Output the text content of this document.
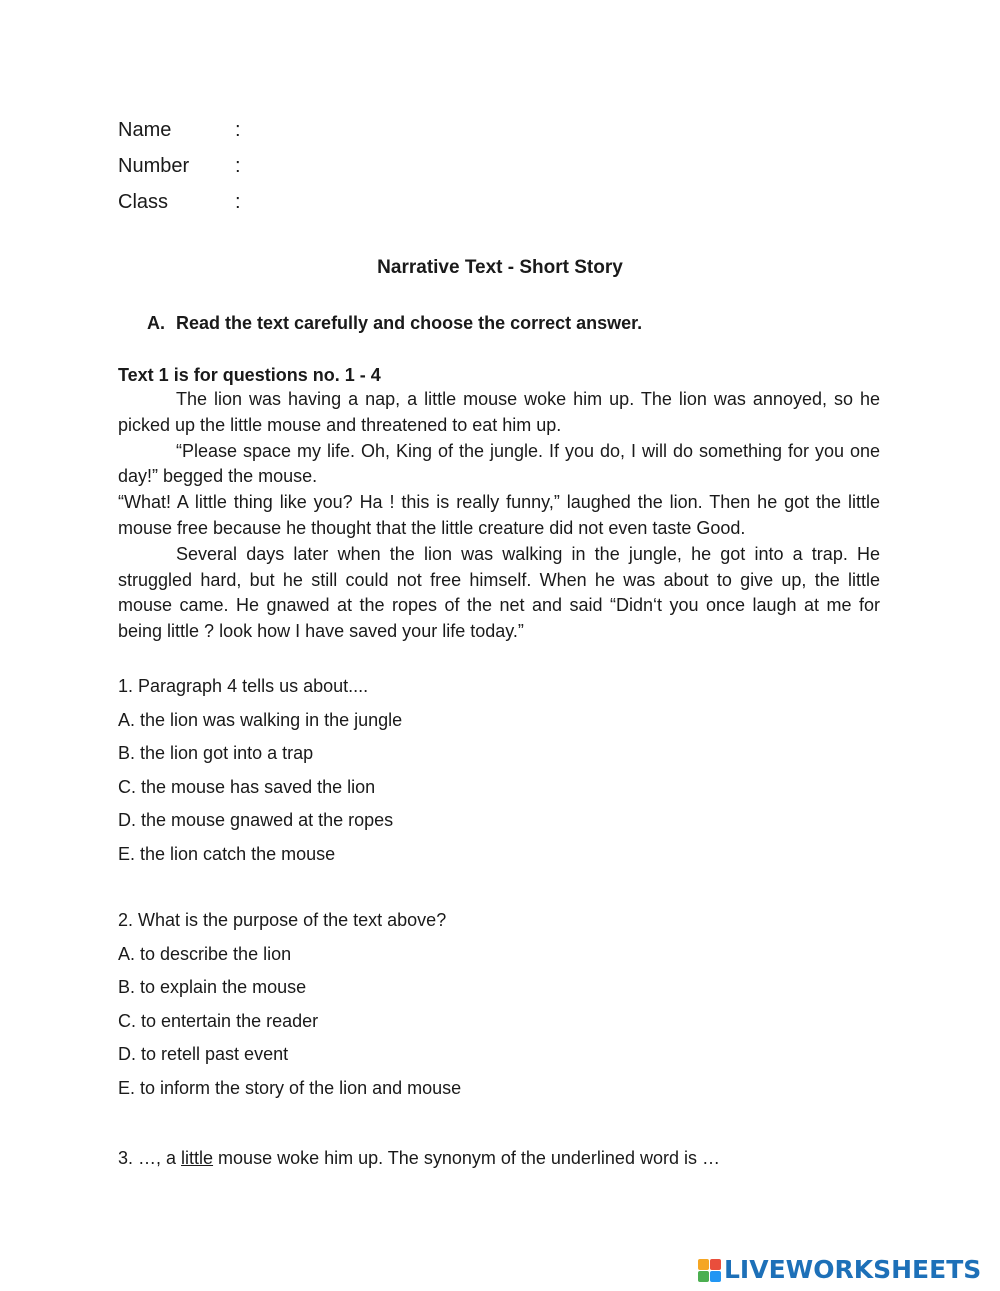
Name	:
Number :
Class	:
Narrative Text - Short Story
A. Read the text carefully and choose the correct answer.
Text 1 is for questions no. 1 - 4

The lion was having a nap, a little mouse woke him up. The lion was annoyed, so he picked up the little mouse and threatened to eat him up.

“Please space my life. Oh, King of the jungle. If you do, I will do something for you one day!” begged the mouse.

“What! A little thing like you? Ha ! this is really funny,” laughed the lion. Then he got the little mouse free because he thought that the little creature did not even taste Good.

Several days later when the lion was walking in the jungle, he got into a trap. He struggled hard, but he still could not free himself. When he was about to give up, the little mouse came. He gnawed at the ropes of the net and said “Didn‘t you once laugh at me for being little ? look how I have saved your life today.”

1. Paragraph 4 tells us about....
A. the lion was walking in the jungle
B. the lion got into a trap
C. the mouse has saved the lion
D. the mouse gnawed at the ropes
E. the lion catch the mouse
2. What is the purpose of the text above?
A. to describe the lion
B. to explain the mouse
C. to entertain the reader
D. to retell past event
E. to inform the story of the lion and mouse
3. …, a little mouse woke him up. The synonym of the underlined word is …
LIVEWORKSHEETS
